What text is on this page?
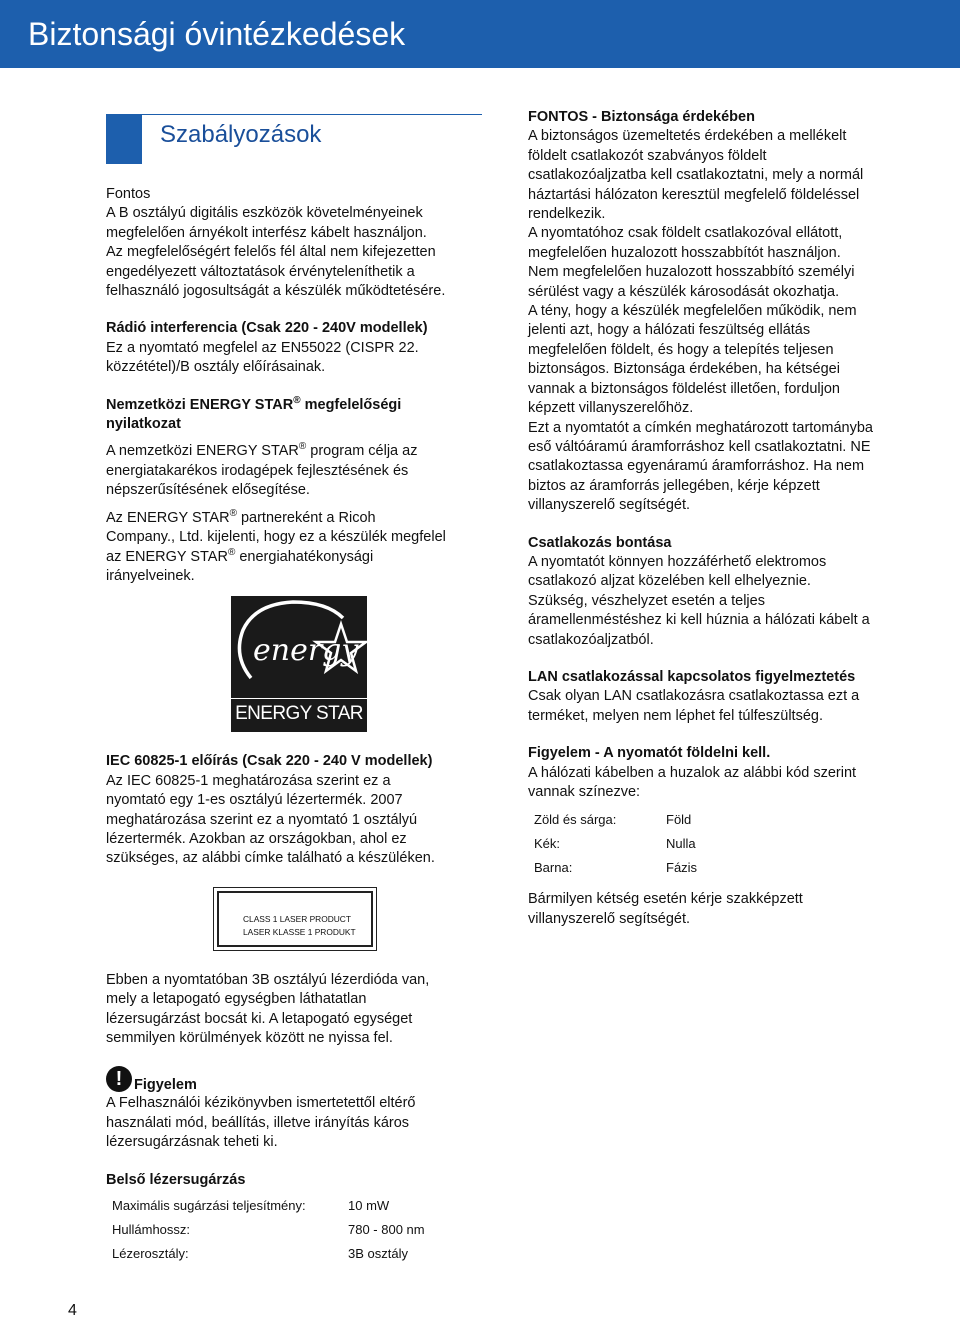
Biztonsági óvintézkedések
Szabályozások

Fontos

A B osztályú digitális eszközök követelményeinek

megfelelően árnyékolt interfész kábelt használjon.

Az megfelelőségért felelős fél által nem kifejezetten

engedélyezett változtatások érvényteleníthetik a

felhasználó jogosultságát a készülék működtetésére.

Rádió interferencia (Csak 220 - 240V modellek)

Ez a nyomtató megfelel az EN55022 (CISPR 22.

közzététel)/B osztály előírásainak.

Nemzetközi ENERGY STAR® megfelelőségi

nyilatkozat

A nemzetközi ENERGY STAR® program célja az

energiatakarékos irodagépek fejlesztésének és

népszerűsítésének elősegítése.

Az ENERGY STAR® partnereként a Ricoh

Company., Ltd. kijelenti, hogy ez a készülék megfelel

az ENERGY STAR® energiahatékonysági

irányelveinek.

energy
ENERGY STAR

IEC 60825-1 előírás (Csak 220 - 240 V modellek)

Az IEC 60825-1 meghatározása szerint ez a

nyomtató egy 1-es osztályú lézertermék. 2007

meghatározása szerint ez a nyomtató 1 osztályú

lézertermék. Azokban az országokban, ahol ez

szükséges, az alábbi címke található a készüléken.

CLASS 1 LASER PRODUCT
LASER KLASSE 1 PRODUKT

Ebben a nyomtatóban 3B osztályú lézerdióda van,

mely a letapogató egységben láthatatlan

lézersugárzást bocsát ki. A letapogató egységet

semmilyen körülmények között ne nyissa fel.

! Figyelem

A Felhasználói kézikönyvben ismertetettől eltérő

használati mód, beállítás, illetve irányítás káros

lézersugárzásnak teheti ki.

Belső lézersugárzás

Maximális sugárzási teljesítmény:	10 mW
Hullámhossz:	780 - 800 nm
Lézerosztály:	3B osztály

FONTOS - Biztonsága érdekében

A biztonságos üzemeltetés érdekében a mellékelt

földelt csatlakozót szabványos földelt

csatlakozóaljzatba kell csatlakoztatni, mely a normál

háztartási hálózaton keresztül megfelelő földeléssel

rendelkezik.

A nyomtatóhoz csak földelt csatlakozóval ellátott,

megfelelően huzalozott hosszabbítót használjon.

Nem megfelelően huzalozott hosszabbító személyi

sérülést vagy a készülék károsodását okozhatja.

A tény, hogy a készülék megfelelően működik, nem

jelenti azt, hogy a hálózati feszültség ellátás

megfelelően földelt, és hogy a telepítés teljesen

biztonságos. Biztonsága érdekében, ha kétségei

vannak a biztonságos földelést illetően, forduljon

képzett villanyszerelőhöz.

Ezt a nyomtatót a címkén meghatározott tartományba

eső váltóáramú áramforráshoz kell csatlakoztatni. NE

csatlakoztassa egyenáramú áramforráshoz. Ha nem

biztos az áramforrás jellegében, kérje képzett

villanyszerelő segítségét.

Csatlakozás bontása

A nyomtatót könnyen hozzáférhető elektromos

csatlakozó aljzat közelében kell elhelyeznie.

Szükség, vészhelyzet esetén a teljes

áramellenméstéshez ki kell húznia a hálózati kábelt a

csatlakozóaljzatból.

LAN csatlakozással kapcsolatos figyelmeztetés

Csak olyan LAN csatlakozásra csatlakoztassa ezt a

terméket, melyen nem léphet fel túlfeszültség.

Figyelem - A nyomatót földelni kell.

A hálózati kábelben a huzalok az alábbi kód szerint

vannak színezve:

Zöld és sárga:	Föld
Kék:	Nulla
Barna:	Fázis

Bármilyen kétség esetén kérje szakképzett

villanyszerelő segítségét.

4
